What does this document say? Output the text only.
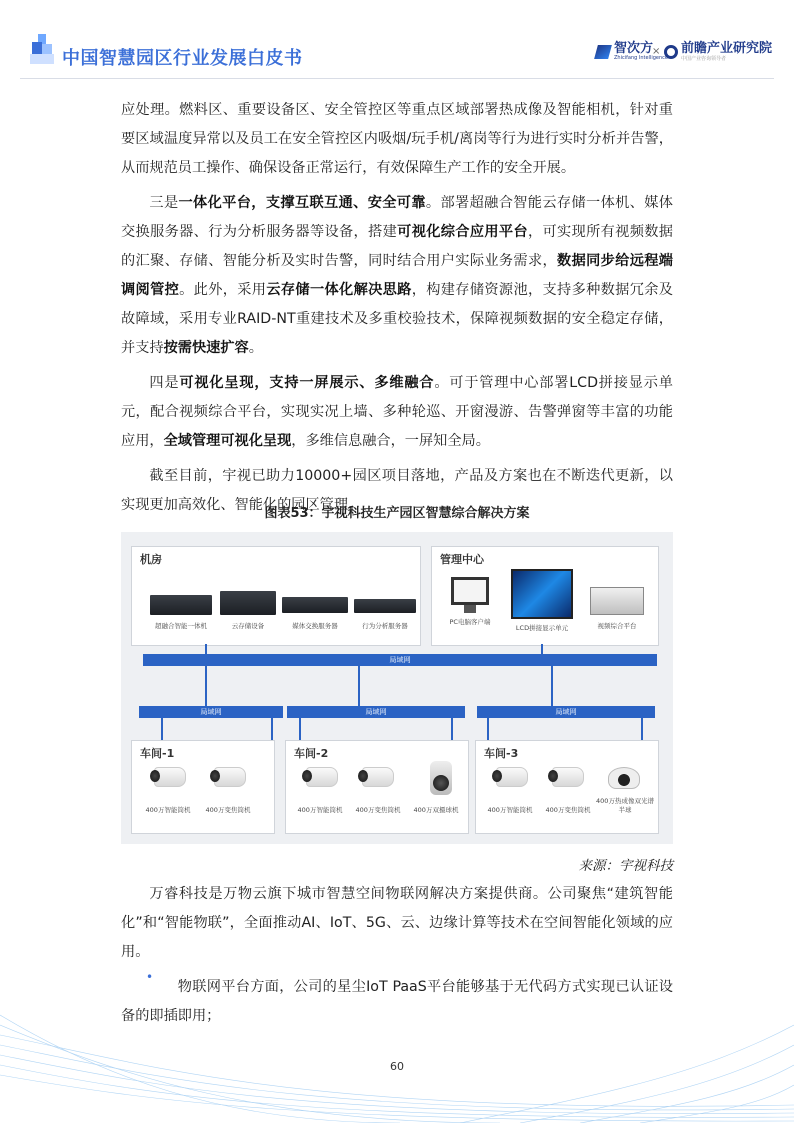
中国智慧园区行业发展白皮书	智次方
Zhicifang Intelligence
× 前瞻产业研究院
中国产业咨询领导者

应处理。燃料区、重要设备区、安全管控区等重点区域部署热成像及智能相机，针对重要区域温度异常以及员工在安全管控区内吸烟/玩手机/离岗等行为进行实时分析并告警，从而规范员工操作、确保设备正常运行，有效保障生产工作的安全开展。

三是一体化平台，支撑互联互通、安全可靠。部署超融合智能云存储一体机、媒体交换服务器、行为分析服务器等设备，搭建可视化综合应用平台，可实现所有视频数据的汇聚、存储、智能分析及实时告警，同时结合用户实际业务需求，数据同步给远程端调阅管控。此外，采用云存储一体化解决思路，构建存储资源池，支持多种数据冗余及故障域，采用专业RAID-NT重建技术及多重校验技术，保障视频数据的安全稳定存储，并支持按需快速扩容。

四是可视化呈现，支持一屏展示、多维融合。可于管理中心部署LCD拼接显示单元，配合视频综合平台，实现实况上墙、多种轮巡、开窗漫游、告警弹窗等丰富的功能应用，全域管理可视化呈现，多维信息融合，一屏知全局。

截至目前，宇视已助力10000+园区项目落地，产品及方案也在不断迭代更新，以实现更加高效化、智能化的园区管理。

图表53：宇视科技生产园区智慧综合解决方案
机房
超融合智能一体机	云存储设备	媒体交换服务器	行为分析服务器
管理中心
PC电脑客户端
LCD拼接显示单元	视频综合平台
局域网
局域网	局域网	局域网
车间-1
400万智能筒机	400万变焦筒机
车间-2
400万智能筒机	400万变焦筒机	400万双摄球机
车间-3
400万智能筒机	400万变焦筒机
400万热成像双光谱半球
来源：宇视科技

万睿科技是万物云旗下城市智慧空间物联网解决方案提供商。公司聚焦“建筑智能化”和“智能物联”，全面推动AI、IoT、5G、云、边缘计算等技术在空间智能化领域的应用。

物联网平台方面，公司的星尘IoT PaaS平台能够基于无代码方式实现已认证设备的即插即用；

•
60
